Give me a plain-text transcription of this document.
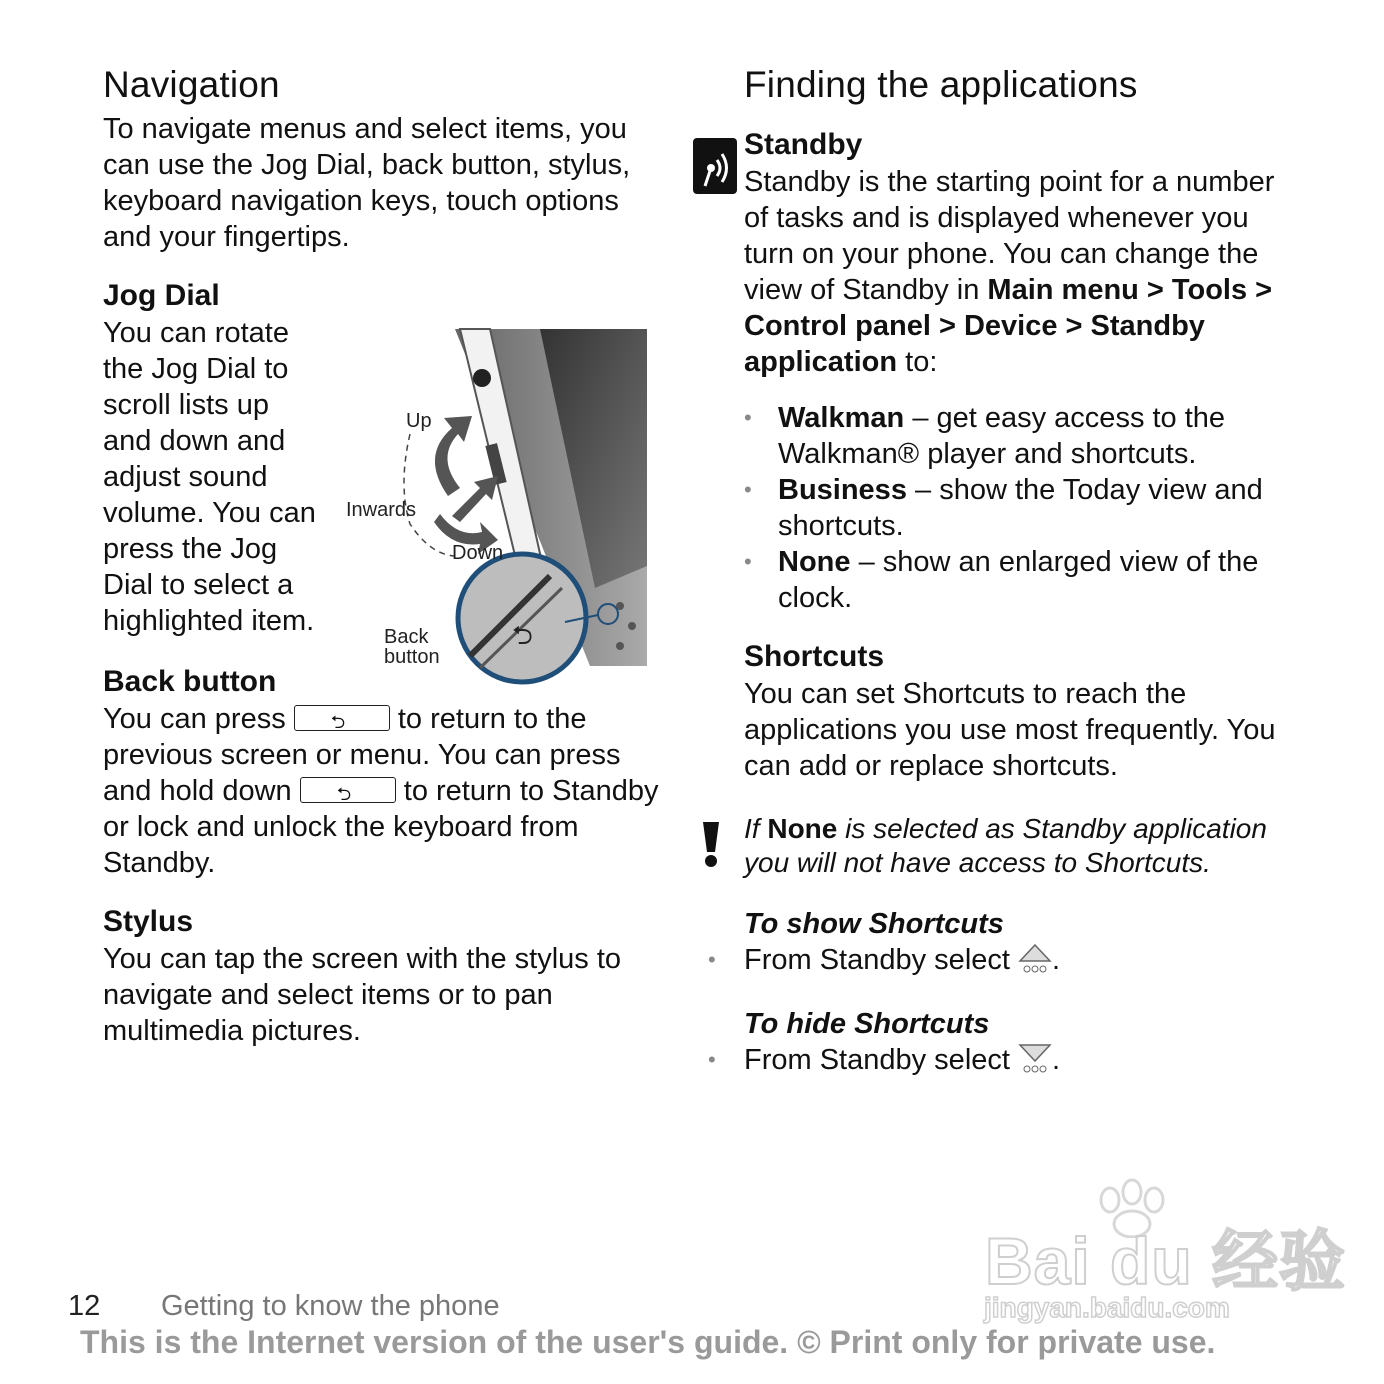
Navigation

To navigate menus and select items, you can use the Jog Dial, back button, stylus, keyboard navigation keys, touch options and your fingertips.

Jog Dial

You can rotate the Jog Dial to scroll lists up and down and adjust sound volume. You can press the Jog Dial to select a highlighted item.

Back button

You can press	⮌ to return to the previous screen or menu. You can press and hold down	⮌ to return to Standby or lock and unlock the keyboard from Standby.

Stylus

You can tap the screen with the stylus to navigate and select items or to pan multimedia pictures.

⮌
Up
Inwards
Down
Back
button
Finding the applications
Standby

Standby is the starting point for a number of tasks and is displayed whenever you turn on your phone. You can change the view of Standby in Main menu > Tools > Control panel > Device > Standby application to:

• Walkman – get easy access to the Walkman® player and shortcuts.
• Business – show the Today view and shortcuts.
• None – show an enlarged view of the clock.
Shortcuts

You can set Shortcuts to reach the applications you use most frequently. You can add or replace shortcuts.

If None is selected as Standby application you will not have access to Shortcuts.

To show Shortcuts

• From Standby select .

To hide Shortcuts

• From Standby select .

12 Getting to know the phone
This is the Internet version of the user's guide. © Print only for private use.
Bai du 经验
jingyan.baidu.com
